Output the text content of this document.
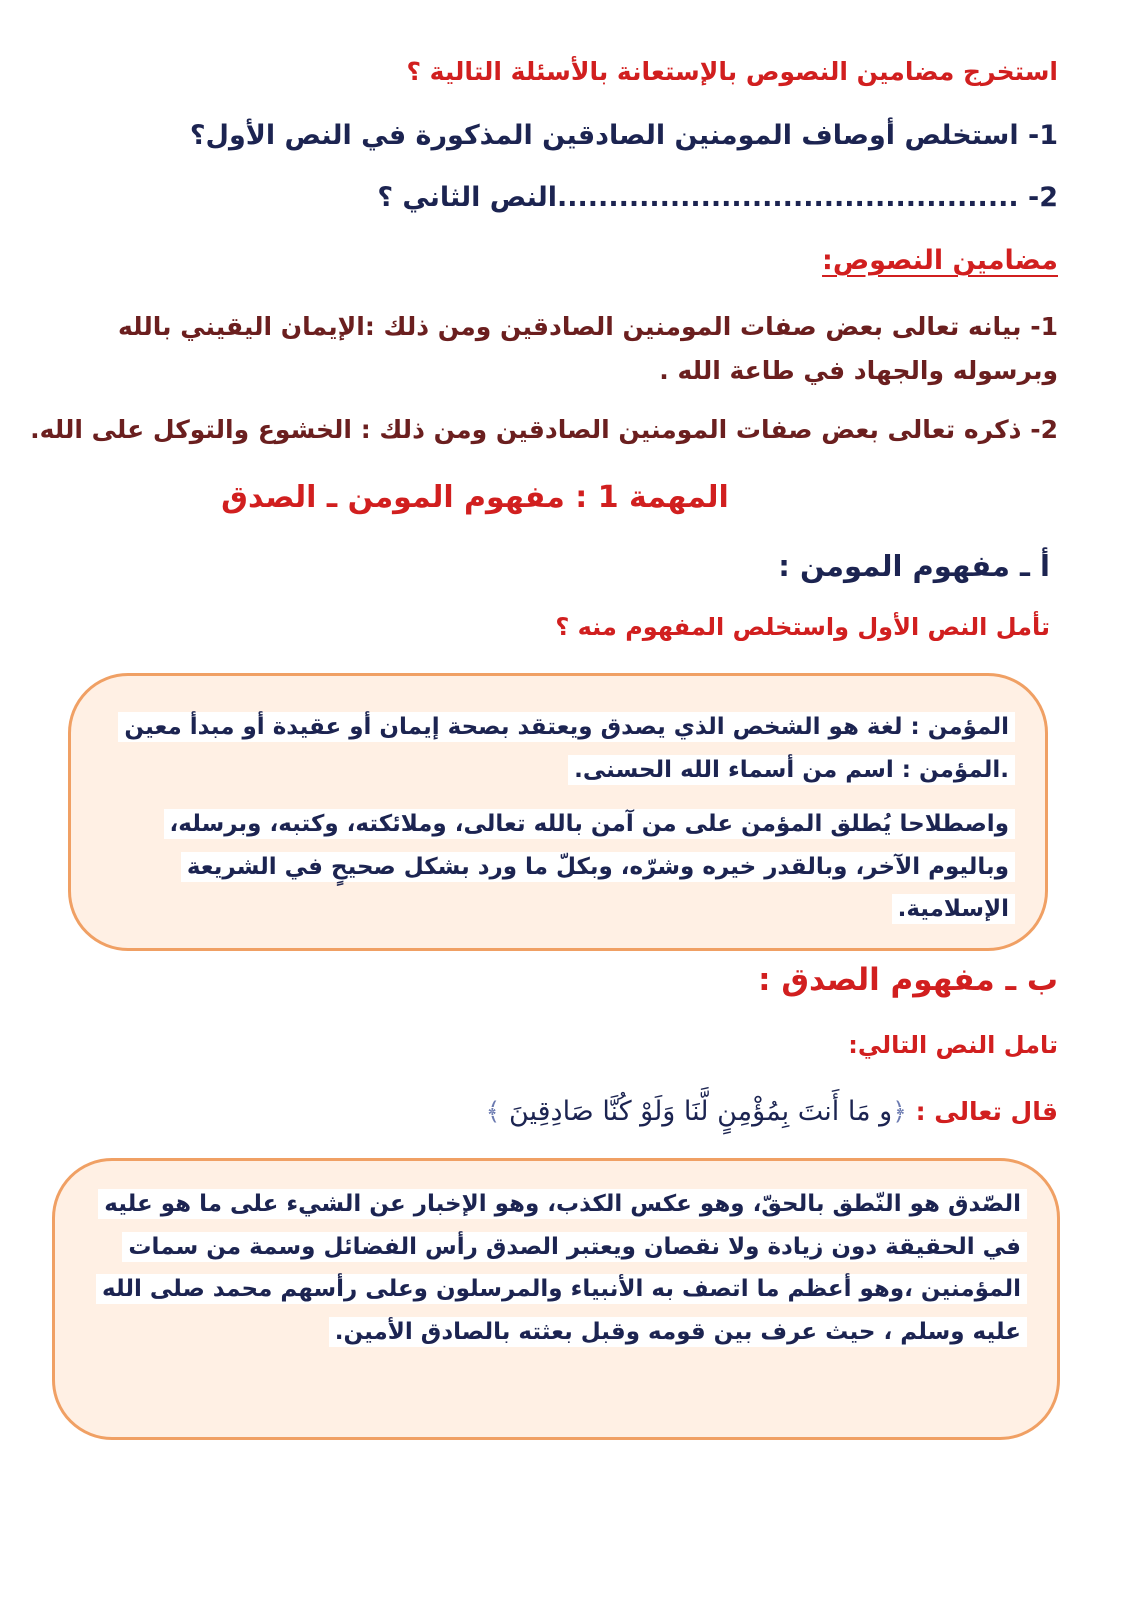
استخرج مضامين النصوص بالإستعانة بالأسئلة التالية ؟

1- استخلص أوصاف المومنين الصادقين المذكورة في النص الأول؟

2- .............................................النص الثاني ؟

مضامين النصوص:

1- بيانه تعالى بعض صفات المومنين الصادقين ومن ذلك :الإيمان اليقيني بالله وبرسوله والجهاد في طاعة الله .

2- ذكره تعالى بعض صفات المومنين الصادقين ومن ذلك : الخشوع والتوكل على الله.

المهمة 1 : مفهوم المومن ـ الصدق
أ ـ مفهوم المومن :

تأمل النص الأول واستخلص المفهوم منه ؟

المؤمن : لغة هو الشخص الذي يصدق ويعتقد بصحة إيمان أو عقيدة أو مبدأ معين

.المؤمن : اسم من أسماء الله الحسنى.

واصطلاحا يُطلق المؤمن على من آمن بالله تعالى، وملائكته، وكتبه، وبرسله، وباليوم الآخر، وبالقدر خيره وشرّه، وبكلّ ما ورد بشكل صحيحٍ في الشريعة الإسلامية.

ب ـ مفهوم الصدق :

تامل النص التالي:

قال تعالى : ﴿و مَا أَنتَ بِمُؤْمِنٍ لَّنَا وَلَوْ كُنَّا صَادِقِينَ ﴾

الصّدق هو النّطق بالحقّ، وهو عكس الكذب، وهو الإخبار عن الشيء على ما هو عليه في الحقيقة دون زيادة ولا نقصان ويعتبر الصدق رأس الفضائل وسمة من سمات المؤمنين ،وهو أعظم ما اتصف به الأنبياء والمرسلون وعلى رأسهم محمد صلى الله عليه وسلم ، حيث عرف بين قومه وقبل بعثته بالصادق الأمين.
